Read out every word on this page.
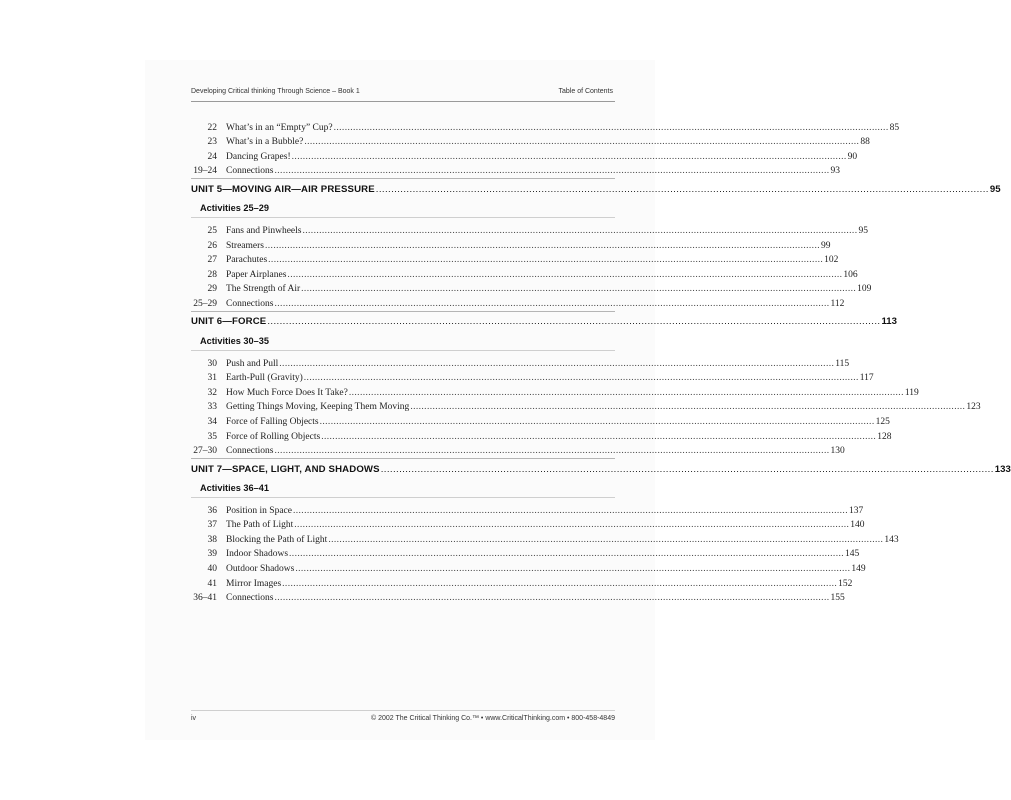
Developing Critical thinking Through Science – Book 1	Table of Contents
22 What’s in an “Empty” Cup? ........................................................................................................................................................................................................ 85
23 What’s in a Bubble? ........................................................................................................................................................................................................ 88
24 Dancing Grapes! ........................................................................................................................................................................................................ 90
19–24 Connections ........................................................................................................................................................................................................ 93
UNIT 5—MOVING AIR—AIR PRESSURE ........................................................................................................................................................................................................ 95
Activities 25–29
25 Fans and Pinwheels ........................................................................................................................................................................................................ 95
26 Streamers ........................................................................................................................................................................................................ 99
27 Parachutes ........................................................................................................................................................................................................ 102
28 Paper Airplanes ........................................................................................................................................................................................................ 106
29 The Strength of Air ........................................................................................................................................................................................................ 109
25–29 Connections ........................................................................................................................................................................................................ 112
UNIT 6—FORCE ........................................................................................................................................................................................................ 113
Activities 30–35
30 Push and Pull ........................................................................................................................................................................................................ 115
31 Earth-Pull (Gravity) ........................................................................................................................................................................................................ 117
32 How Much Force Does It Take? ........................................................................................................................................................................................................ 119
33 Getting Things Moving, Keeping Them Moving ........................................................................................................................................................................................................ 123
34 Force of Falling Objects ........................................................................................................................................................................................................ 125
35 Force of Rolling Objects ........................................................................................................................................................................................................ 128
27–30 Connections ........................................................................................................................................................................................................ 130
UNIT 7—SPACE, LIGHT, AND SHADOWS ........................................................................................................................................................................................................ 133
Activities 36–41
36 Position in Space ........................................................................................................................................................................................................ 137
37 The Path of Light ........................................................................................................................................................................................................ 140
38 Blocking the Path of Light ........................................................................................................................................................................................................ 143
39 Indoor Shadows ........................................................................................................................................................................................................ 145
40 Outdoor Shadows ........................................................................................................................................................................................................ 149
41 Mirror Images ........................................................................................................................................................................................................ 152
36–41 Connections ........................................................................................................................................................................................................ 155
iv	© 2002 The Critical Thinking Co.™ • www.CriticalThinking.com • 800-458-4849
